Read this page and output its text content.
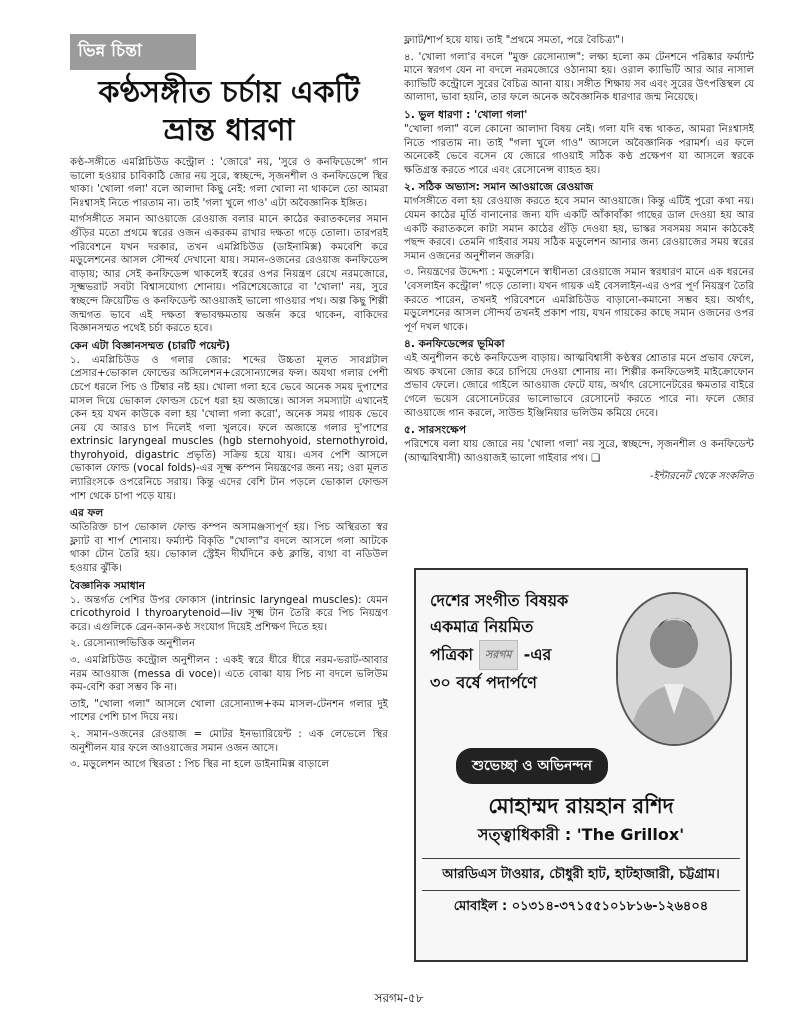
ভিন্ন চিন্তা
কণ্ঠসঙ্গীত চর্চায় একটি
ভ্রান্ত ধারণা

কণ্ঠ-সঙ্গীতে এমপ্লিচিউড কন্ট্রোল : 'জোরে' নয়, 'সুরে ও কনফিডেন্সে' গান ভালো হওয়ার চাবিকাঠি জোর নয় সুরে, স্বচ্ছন্দে, সৃজনশীল ও কনফিডেন্সে স্থির থাকা। 'খোলা গলা' বলে আলাদা কিছু নেই: গলা খোলা না থাকলে তো আমরা নিঃশ্বাসই নিতে পারতাম না। তাই 'গলা খুলে গাও' এটা অবৈজ্ঞানিক ইঙ্গিত।

মার্গসঙ্গীতে সমান আওয়াজে রেওয়াজ বলার মানে কাঠের করাতকলের সমান গুঁড়ির মতো প্রথমে স্বরের ওজন একরকম রাখার দক্ষতা গড়ে তোলা। তারপরই পরিবেশনে যখন দরকার, তখন এমপ্লিচিউড (ডাইনামিক্স) কমবেশি করে মড়ুলেশনের আসল সৌন্দর্য দেখানো যায়। সমান-ওজনের রেওয়াজ কনফিডেন্স বাড়ায়; আর সেই কনফিডেন্স থাকলেই স্বরের ওপর নিয়ন্ত্রণ রেখে নরমজোরে, সূক্ষ্মভরাট সবটা বিশ্বাসযোগ্য শোনায়। পরিশেষেজোরে বা 'খোলা' নয়, সুরে স্বচ্ছন্দে ক্রিয়েটিভ ও কনফিডেন্ট আওয়াজই ভালো গাওয়ার পথ। অল্প কিছু শিল্পী জন্মগত ভাবে এই দক্ষতা স্বভাবক্ষমতায় অর্জন করে থাকেন, বাকিদের বিজ্ঞানসম্মত পথেই চর্চা করতে হবে।

কেন এটা বিজ্ঞানসম্মত (চারটি পয়েন্ট)

১. এমপ্লিচিউড ও গলার জোর: শব্দের উচ্চতা মূলত সাবগ্লটাল প্রেসার+ভোকাল ফোল্ডের অসিলেশন+রেসোন্যান্সের ফল। অযথা গলার পেশী চেপে ধরলে পিচ ও টিম্বার নষ্ট হয়। খোলা গলা হবে ভেবে অনেক সময় দুপাশের মাসল দিয়ে ভোকাল ফোল্ডস চেপে ধরা হয় অজান্তে। আসল সমস্যাটা এখানেই কেন হয় যখন কাউকে বলা হয় 'খোলা গলা করো', অনেক সময় গায়ক ভেবে নেয় যে আরও চাপ দিলেই গলা খুলবে। ফলে অজান্তে গলার দু'পাশের extrinsic laryngeal muscles (hgb sternohyoid, sternothyroid, thyrohyoid, digastric প্রভৃতি) সক্রিয় হয়ে যায়। এসব পেশি আসলে ভোকাল ফোল্ড (vocal folds)-এর সূক্ষ্ম কম্পন নিয়ন্ত্রণের জন্য নয়; ওরা মূলত ল্যারিংসকে ওপরেনিচে সরায়। কিন্তু এদের বেশি টান পড়লে ভোকাল ফোল্ডস পাশ থেকে চাপা পড়ে যায়।

এর ফল

অতিরিক্ত চাপ ভোকাল ফোল্ড কম্পন অসামঞ্জস্যপূর্ণ হয়। পিচ অস্থিরতা স্বর ফ্ল্যাট বা শার্প শোনায়। ফর্ম্যান্ট বিকৃতি "খোলা"র বদলে আসলে গলা আটকে থাকা টোন তৈরি হয়। ভোকাল স্ট্রেইন দীর্ঘদিনে কণ্ঠ ক্লান্তি, ব্যথা বা নডিউল হওয়ার ঝুঁকি।

বৈজ্ঞানিক সমাধান

১. অন্তর্গত পেশির উপর ফোকাস (intrinsic laryngeal muscles): যেমন cricothyroid I thyroarytenoid—Iiv সূক্ষ্ম টান তৈরি করে পিচ নিয়ন্ত্রণ করে। এগুলিকে ব্রেন-কান-কণ্ঠ সংযোগ দিয়েই প্রশিক্ষণ দিতে হয়।

২. রেসোন্যান্সভিত্তিক অনুশীলন

৩. এমপ্লিচিউড কন্ট্রোল অনুশীলন : একই স্বরে ধীরে ধীরে নরম-ভরাট-আবার নরম আওয়াজ (messa di voce)। এতে বোঝা যায় পিচ না বদলে ভলিউম কম-বেশি করা সম্ভব কি না।

তাই, "খোলা গলা" আসলে খোলা রেসোন্যান্স+কম মাসল-টেনশন গলার দুই পাশের পেশি চাপ দিয়ে নয়।

২. সমান-ওজনের রেওয়াজ = মোটর ইনভ্যারিয়েন্ট : এক লেভেলে স্থির অনুশীলন যার ফলে আওয়াজের সমান ওজন আসে।

৩. মড়ুলেশন আগে স্থিরতা : পিচ স্থির না হলে ডাইনামিক্স বাড়ালে

ফ্ল্যাট/শার্প হয়ে যায়। তাই "প্রথমে সমতা, পরে বৈচিত্র্য"।

৪. 'খোলা গলা'র বদলে "মুক্ত রেসোন্যান্স": লক্ষ্য হলো কম টেনশনে পরিষ্কার ফর্ম্যান্ট মানে স্বরগণ যেন না বদলে নরমজোরে ওঠানামা হয়। ওরাল ক্যাভিটি আর আর নাসাল ক্যাভিটি কন্ট্রোলে সুরের বৈচিত্র আনা যায়। সঙ্গীত শিক্ষায় সব এবং সুরের উৎপত্তিস্থল যে আলাদা, ভাবা হয়নি, তার ফলে অনেক অবৈজ্ঞানিক ধারণার জন্ম নিয়েছে।

১. ভুল ধারণা : 'খোলা গলা'

"খোলা গলা" বলে কোনো আলাদা বিষয় নেই। গলা যদি বন্ধ থাকত, আমরা নিঃশ্বাসই নিতে পারতাম না। তাই "গলা খুলে গাও" আসলে অবৈজ্ঞানিক পরামর্শ। এর ফলে অনেকেই ভেবে বসেন যে জোরে গাওয়াই সঠিক কণ্ঠ প্রক্ষেপণ যা আসলে স্বরকে ক্ষতিগ্রস্ত করতে পারে এবং রেসোনেন্স ব্যাহত হয়।

২. সঠিক অভ্যাস: সমান আওয়াজে রেওয়াজ

মার্গসঙ্গীতে বলা হয় রেওয়াজ করতে হবে সমান আওয়াজে। কিন্তু এটিই পুরো কথা নয়। যেমন কাঠের মূর্তি বানানোর জন্য যদি একটি আঁকাবাঁকা গাছের ডাল দেওয়া হয় আর একটি করাতকলে কাটা সমান কাঠের গুঁড়ি দেওয়া হয়, ভাস্কর সবসময় সমান কাঠকেই পছন্দ করবে। তেমনি গাইবার সময় সঠিক মড়ুলেশন আনার জন্য রেওয়াজের সময় স্বরের সমান ওজনের অনুশীলন জরুরি।

৩. নিয়ন্ত্রণের উদ্দেশ্য : মড়ুলেশনে স্বাধীনতা রেওয়াজে সমান স্বরধারণ মানে এক ধরনের 'বেসলাইন কন্ট্রোল' গড়ে তোলা। যখন গায়ক এই বেসলাইন-এর ওপর পূর্ণ নিয়ন্ত্রণ তৈরি করতে পারেন, তখনই পরিবেশনে এমপ্লিচিউড বাড়ানো-কমানো সম্ভব হয়। অর্থাৎ, মড়ুলেশনের আসল সৌন্দর্য তখনই প্রকাশ পায়, যখন গায়কের কাছে সমান ওজনের ওপর পূর্ণ দখল থাকে।

৪. কনফিডেন্সের ভূমিকা

এই অনুশীলন কণ্ঠে কনফিডেন্স বাড়ায়। আত্মবিশ্বাসী কণ্ঠস্বর শ্রোতার মনে প্রভাব ফেলে, অথচ কখনো জোর করে চাপিয়ে দেওয়া শোনায় না। শিল্পীর কনফিডেন্সই মাইক্রোফোন প্রভাব ফেলে। জোরে গাইলে আওয়াজ ফেটে যায়, অর্থাৎ রেসোনেটরের ক্ষমতার বাইরে গেলে ভয়েস রেসোনেটরের ভালোভাবে রেসোনেট করতে পারে না। ফলে জোর আওয়াজে গান করলে, সাউন্ড ইঞ্জিনিয়ার ভলিউম কমিয়ে দেবে।

৫. সারসংক্ষেপ

পরিশেষে বলা যায় জোরে নয় 'খোলা গলা' নয় সুরে, স্বচ্ছন্দে, সৃজনশীল ও কনফিডেন্ট (আত্মবিশ্বাসী) আওয়াজই ভালো গাইবার পথ। ❏

-ইন্টারনেট থেকে সংকলিত
দেশের সংগীত বিষয়ক
একমাত্র নিয়মিত
পত্রিকা	সরগম -এর
৩০ বর্ষে পদার্পণে
শুভেচ্ছা ও অভিনন্দন
মোহাম্মদ রায়হান রশিদ
সত্ত্বাধিকারী : 'The Grillox'
আরডিএস টাওয়ার, চৌধুরী হাট, হাটহাজারী, চট্টগ্রাম।
মোবাইল : ০১৩১৪-৩৭১৫৫১০১৮১৬-১২৬৪০৪
সরগম-৫৮
